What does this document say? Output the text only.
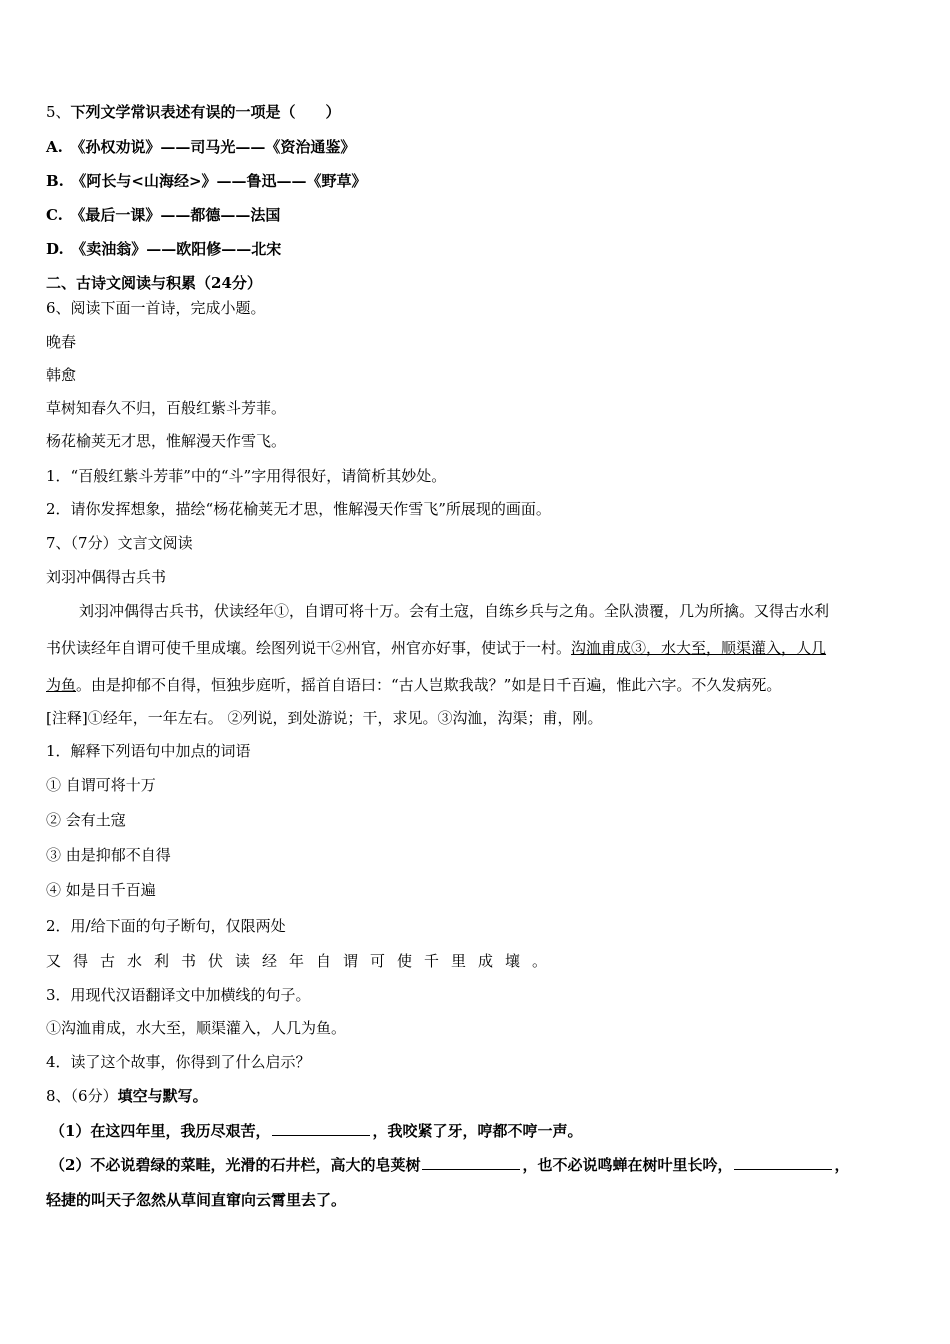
5、下列文学常识表述有误的一项是（　　）
A.　《孙权劝说》——司马光——《资治通鉴》
B.　《阿长与<山海经>》——鲁迅——《野草》
C.　《最后一课》——都德——法国
D.　《卖油翁》——欧阳修——北宋
二、古诗文阅读与积累（24分）
6、阅读下面一首诗，完成小题。
晚春
韩愈
草树知春久不归，百般红紫斗芳菲。
杨花榆荚无才思，惟解漫天作雪飞。
1．“百般红紫斗芳菲”中的“斗”字用得很好，请简析其妙处。
2．请你发挥想象，描绘“杨花榆荚无才思，惟解漫天作雪飞”所展现的画面。
7、（7分）文言文阅读
刘羽冲偶得古兵书
刘羽冲偶得古兵书，伏读经年①，自谓可将十万。会有土寇，自练乡兵与之角。全队溃覆，几为所擒。又得古水利
书伏读经年自谓可使千里成壤。绘图列说干②州官，州官亦好事，使试于一村。沟洫甫成③，水大至，顺渠灌入，人几
为鱼。由是抑郁不自得，恒独步庭听，摇首自语曰：“古人岂欺我哉？”如是日千百遍，惟此六字。不久发病死。
[注释]①经年，一年左右。 ②列说，到处游说；干，求见。③沟洫，沟渠；甫，刚。
1．解释下列语句中加点的词语
① 自谓可将十万
② 会有土寇
③ 由是抑郁不自得
④ 如是日千百遍
2．用/给下面的句子断句，仅限两处
又得古水利书伏读经年自谓可使千里成壤。
3．用现代汉语翻译文中加横线的句子。
①沟洫甫成，水大至，顺渠灌入，人几为鱼。
4．读了这个故事，你得到了什么启示？
8、（6分）填空与默写。
（1）在这四年里，我历尽艰苦，	，我咬紧了牙，哼都不哼一声。
（2）不必说碧绿的菜畦，光滑的石井栏，高大的皂荚树	，也不必说鸣蝉在树叶里长吟，	，
轻捷的叫天子忽然从草间直窜向云霄里去了。
